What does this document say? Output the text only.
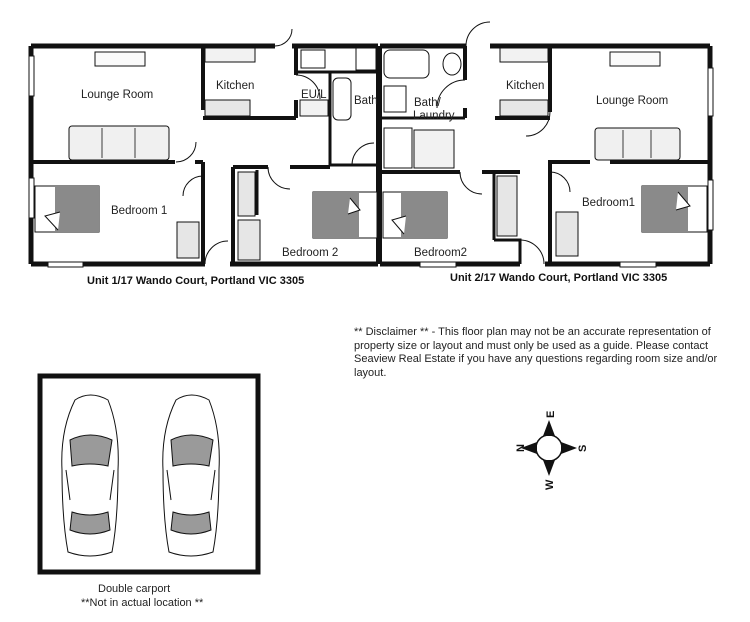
Lounge Room
Kitchen
EU/L Bath
Bedroom 1
Bedroom 2
Kitchen
Lounge Room
Bath/
Laundry
Bedroom1
Bedroom2
E
N	S
W
Unit 1/17 Wando Court, Portland VIC 3305	Unit 2/17 Wando Court, Portland VIC 3305
** Disclaimer ** - This floor plan may not be an accurate representation of property size or layout and must only be used as a guide. Please contact Seaview Real Estate if you have any questions regarding room size and/or layout.
Double carport
**Not in actual location **
